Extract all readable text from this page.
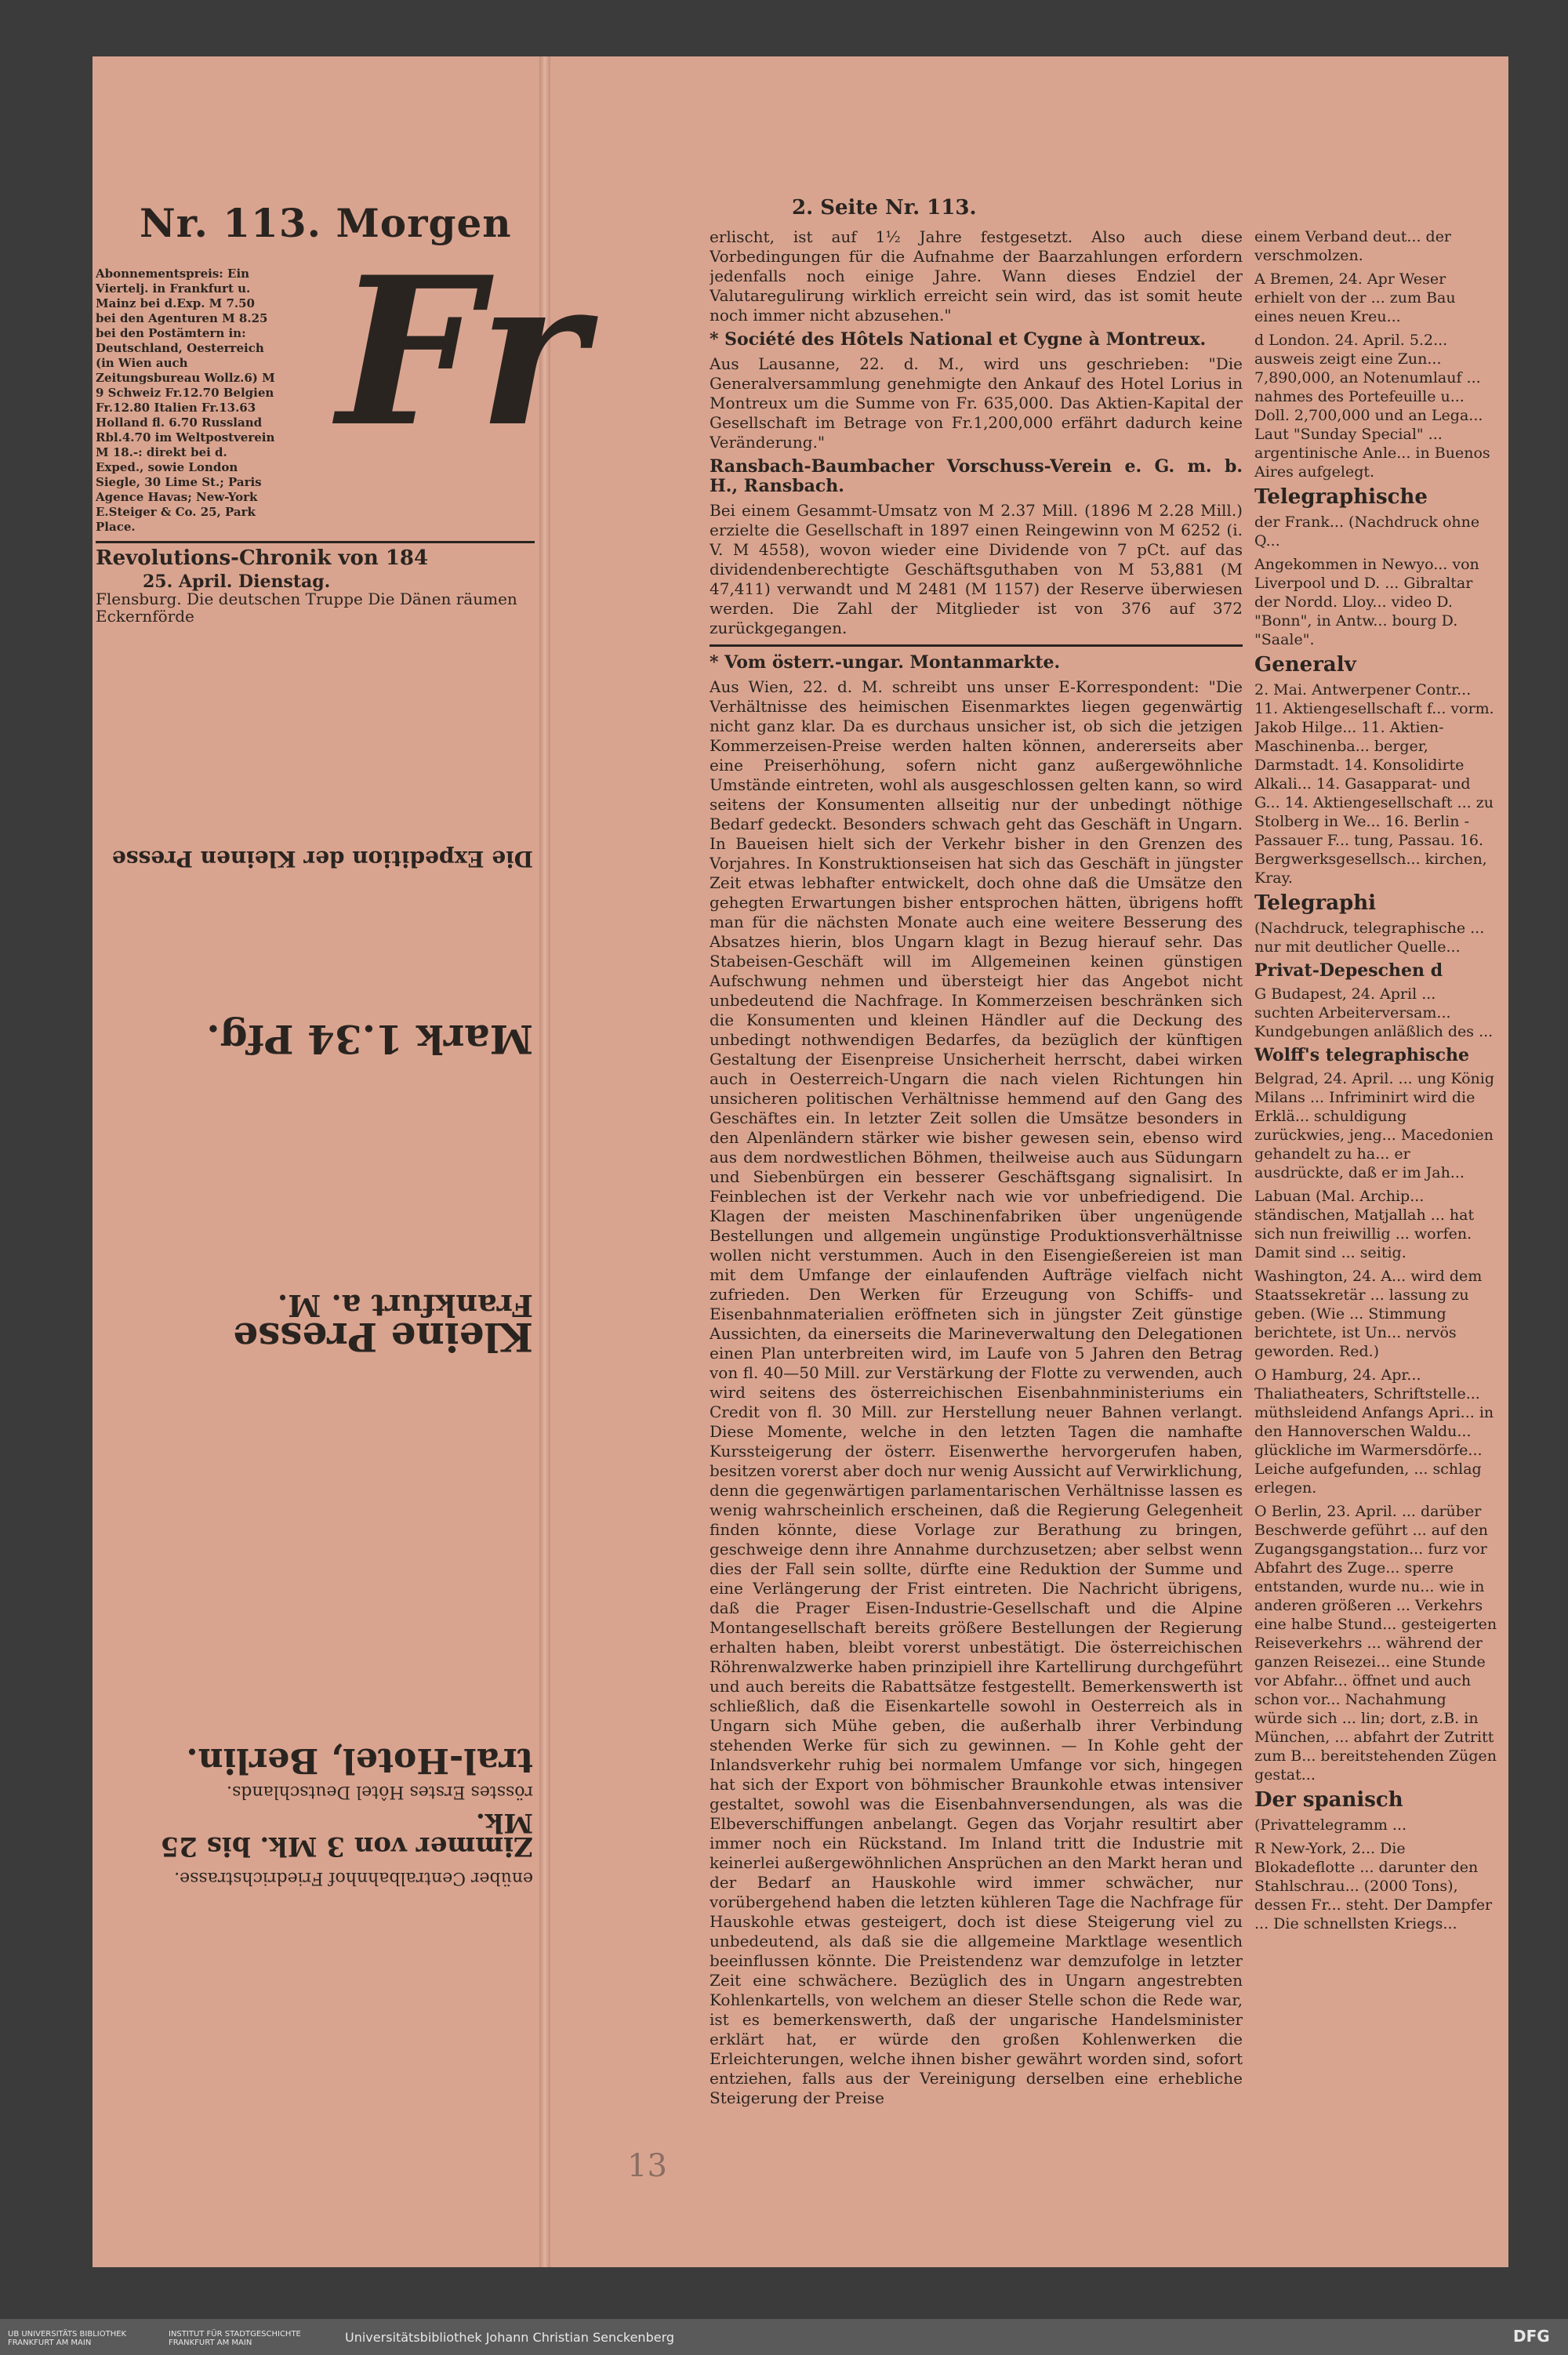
Nr. 113. Morgen	2. Seite Nr. 113.
Fr

Abonnementspreis: Ein Viertelj. in Frankfurt u. Mainz bei d.Exp. M 7.50 bei den Agenturen M 8.25 bei den Postämtern in: Deutschland, Oesterreich (in Wien auch Zeitungsbureau Wollz.6) M 9 Schweiz Fr.12.70 Belgien Fr.12.80 Italien Fr.13.63 Holland fl. 6.70 Russland Rbl.4.70 im Weltpostverein M 18.-: direkt bei d. Exped., sowie London Siegle, 30 Lime St.; Paris Agence Havas; New-York E.Steiger & Co. 25, Park Place.

Revolutions-Chronik von 184
25. April. Dienstag.

Flensburg. Die deutschen Truppe Die Dänen räumen Eckernförde

enüber Centralbahnhof Friedrichstrasse.
Zimmer von 3 Mk. bis 25 Mk.
rösstes Erstes Hôtel Deutschlands.
tral-Hotel, Berlin.
Kleine Presse
Frankfurt a. M.
Mark 1.34 Pfg.
Die Expedition der Kleinen Presse

erlischt, ist auf 1½ Jahre festgesetzt. Also auch diese Vorbedingungen für die Aufnahme der Baarzahlungen erfordern jedenfalls noch einige Jahre. Wann dieses Endziel der Valutaregulirung wirklich erreicht sein wird, das ist somit heute noch immer nicht abzusehen."

* Société des Hôtels National et Cygne à Montreux.

Aus Lausanne, 22. d. M., wird uns geschrieben: "Die Generalversammlung genehmigte den Ankauf des Hotel Lorius in Montreux um die Summe von Fr. 635,000. Das Aktien-Kapital der Gesellschaft im Betrage von Fr.1,200,000 erfährt dadurch keine Veränderung."

Ransbach-Baumbacher Vorschuss-Verein e. G. m. b. H., Ransbach.

Bei einem Gesammt-Umsatz von M 2.37 Mill. (1896 M 2.28 Mill.) erzielte die Gesellschaft in 1897 einen Reingewinn von M 6252 (i. V. M 4558), wovon wieder eine Dividende von 7 pCt. auf das dividendenberechtigte Geschäftsguthaben von M 53,881 (M 47,411) verwandt und M 2481 (M 1157) der Reserve überwiesen werden. Die Zahl der Mitglieder ist von 376 auf 372 zurückgegangen.

* Vom österr.-ungar. Montanmarkte.

Aus Wien, 22. d. M. schreibt uns unser E-Korrespondent: "Die Verhältnisse des heimischen Eisenmarktes liegen gegenwärtig nicht ganz klar. Da es durchaus unsicher ist, ob sich die jetzigen Kommerzeisen-Preise werden halten können, andererseits aber eine Preiserhöhung, sofern nicht ganz außergewöhnliche Umstände eintreten, wohl als ausgeschlossen gelten kann, so wird seitens der Konsumenten allseitig nur der unbedingt nöthige Bedarf gedeckt. Besonders schwach geht das Geschäft in Ungarn. In Baueisen hielt sich der Verkehr bisher in den Grenzen des Vorjahres. In Konstruktionseisen hat sich das Geschäft in jüngster Zeit etwas lebhafter entwickelt, doch ohne daß die Umsätze den gehegten Erwartungen bisher entsprochen hätten, übrigens hofft man für die nächsten Monate auch eine weitere Besserung des Absatzes hierin, blos Ungarn klagt in Bezug hierauf sehr. Das Stabeisen-Geschäft will im Allgemeinen keinen günstigen Aufschwung nehmen und übersteigt hier das Angebot nicht unbedeutend die Nachfrage. In Kommerzeisen beschränken sich die Konsumenten und kleinen Händler auf die Deckung des unbedingt nothwendigen Bedarfes, da bezüglich der künftigen Gestaltung der Eisenpreise Unsicherheit herrscht, dabei wirken auch in Oesterreich-Ungarn die nach vielen Richtungen hin unsicheren politischen Verhältnisse hemmend auf den Gang des Geschäftes ein. In letzter Zeit sollen die Umsätze besonders in den Alpenländern stärker wie bisher gewesen sein, ebenso wird aus dem nordwestlichen Böhmen, theilweise auch aus Südungarn und Siebenbürgen ein besserer Geschäftsgang signalisirt. In Feinblechen ist der Verkehr nach wie vor unbefriedigend. Die Klagen der meisten Maschinenfabriken über ungenügende Bestellungen und allgemein ungünstige Produktionsverhältnisse wollen nicht verstummen. Auch in den Eisengießereien ist man mit dem Umfange der einlaufenden Aufträge vielfach nicht zufrieden. Den Werken für Erzeugung von Schiffs- und Eisenbahnmaterialien eröffneten sich in jüngster Zeit günstige Aussichten, da einerseits die Marineverwaltung den Delegationen einen Plan unterbreiten wird, im Laufe von 5 Jahren den Betrag von fl. 40—50 Mill. zur Verstärkung der Flotte zu verwenden, auch wird seitens des österreichischen Eisenbahnministeriums ein Credit von fl. 30 Mill. zur Herstellung neuer Bahnen verlangt. Diese Momente, welche in den letzten Tagen die namhafte Kurssteigerung der österr. Eisenwerthe hervorgerufen haben, besitzen vorerst aber doch nur wenig Aussicht auf Verwirklichung, denn die gegenwärtigen parlamentarischen Verhältnisse lassen es wenig wahrscheinlich erscheinen, daß die Regierung Gelegenheit finden könnte, diese Vorlage zur Berathung zu bringen, geschweige denn ihre Annahme durchzusetzen; aber selbst wenn dies der Fall sein sollte, dürfte eine Reduktion der Summe und eine Verlängerung der Frist eintreten. Die Nachricht übrigens, daß die Prager Eisen-Industrie-Gesellschaft und die Alpine Montangesellschaft bereits größere Bestellungen der Regierung erhalten haben, bleibt vorerst unbestätigt. Die österreichischen Röhrenwalzwerke haben prinzipiell ihre Kartellirung durchgeführt und auch bereits die Rabattsätze festgestellt. Bemerkenswerth ist schließlich, daß die Eisenkartelle sowohl in Oesterreich als in Ungarn sich Mühe geben, die außerhalb ihrer Verbindung stehenden Werke für sich zu gewinnen. — In Kohle geht der Inlandsverkehr ruhig bei normalem Umfange vor sich, hingegen hat sich der Export von böhmischer Braunkohle etwas intensiver gestaltet, sowohl was die Eisenbahnversendungen, als was die Elbeverschiffungen anbelangt. Gegen das Vorjahr resultirt aber immer noch ein Rückstand. Im Inland tritt die Industrie mit keinerlei außergewöhnlichen Ansprüchen an den Markt heran und der Bedarf an Hauskohle wird immer schwächer, nur vorübergehend haben die letzten kühleren Tage die Nachfrage für Hauskohle etwas gesteigert, doch ist diese Steigerung viel zu unbedeutend, als daß sie die allgemeine Marktlage wesentlich beeinflussen könnte. Die Preistendenz war demzufolge in letzter Zeit eine schwächere. Bezüglich des in Ungarn angestrebten Kohlenkartells, von welchem an dieser Stelle schon die Rede war, ist es bemerkenswerth, daß der ungarische Handelsminister erklärt hat, er würde den großen Kohlenwerken die Erleichterungen, welche ihnen bisher gewährt worden sind, sofort entziehen, falls aus der Vereinigung derselben eine erhebliche Steigerung der Preise

einem Verband deut... der verschmolzen.

A Bremen, 24. Apr Weser erhielt von der ... zum Bau eines neuen Kreu...

d London. 24. April. 5.2... ausweis zeigt eine Zun... 7,890,000, an Notenumlauf ... nahmes des Portefeuille u... Doll. 2,700,000 und an Lega... Laut "Sunday Special" ... argentinische Anle... in Buenos Aires aufgelegt.

Telegraphische

der Frank... (Nachdruck ohne Q...

Angekommen in Newyo... von Liverpool und D. ... Gibraltar der Nordd. Lloy... video D. "Bonn", in Antw... bourg D. "Saale".

Generalv

2. Mai. Antwerpener Contr... 11. Aktiengesellschaft f... vorm. Jakob Hilge... 11. Aktien-Maschinenba... berger, Darmstadt. 14. Konsolidirte Alkali... 14. Gasapparat- und G... 14. Aktiengesellschaft ... zu Stolberg in We... 16. Berlin - Passauer F... tung, Passau. 16. Bergwerksgesellsch... kirchen, Kray.

Telegraphi

(Nachdruck, telegraphische ... nur mit deutlicher Quelle...

Privat-Depeschen d

G Budapest, 24. April ... suchten Arbeiterversam... Kundgebungen anläßlich des ...

Wolff's telegraphische

Belgrad, 24. April. ... ung König Milans ... Infriminirt wird die Erklä... schuldigung zurückwies, jeng... Macedonien gehandelt zu ha... er ausdrückte, daß er im Jah...

Labuan (Mal. Archip... ständischen, Matjallah ... hat sich nun freiwillig ... worfen. Damit sind ... seitig.

Washington, 24. A... wird dem Staatssekretär ... lassung zu geben. (Wie ... Stimmung berichtete, ist Un... nervös geworden. Red.)

O Hamburg, 24. Apr... Thaliatheaters, Schriftstelle... müthsleidend Anfangs Apri... in den Hannoverschen Waldu... glückliche im Warmersdörfe... Leiche aufgefunden, ... schlag erlegen.

O Berlin, 23. April. ... darüber Beschwerde geführt ... auf den Zugangsgangstation... furz vor Abfahrt des Zuge... sperre entstanden, wurde nu... wie in anderen größeren ... Verkehrs eine halbe Stund... gesteigerten Reiseverkehrs ... während der ganzen Reisezei... eine Stunde vor Abfahr... öffnet und auch schon vor... Nachahmung würde sich ... lin; dort, z.B. in München, ... abfahrt der Zutritt zum B... bereitstehenden Zügen gestat...

Der spanisch

(Privattelegramm ...

R New-York, 2... Die Blokadeflotte ... darunter den Stahlschrau... (2000 Tons), dessen Fr... steht. Der Dampfer ... Die schnellsten Kriegs...

13
UB UNIVERSITÄTS BIBLIOTHEK FRANKFURT AM MAIN
INSTITUT FÜR STADTGESCHICHTE FRANKFURT AM MAIN	Universitätsbibliothek Johann Christian Senckenberg	DFG
